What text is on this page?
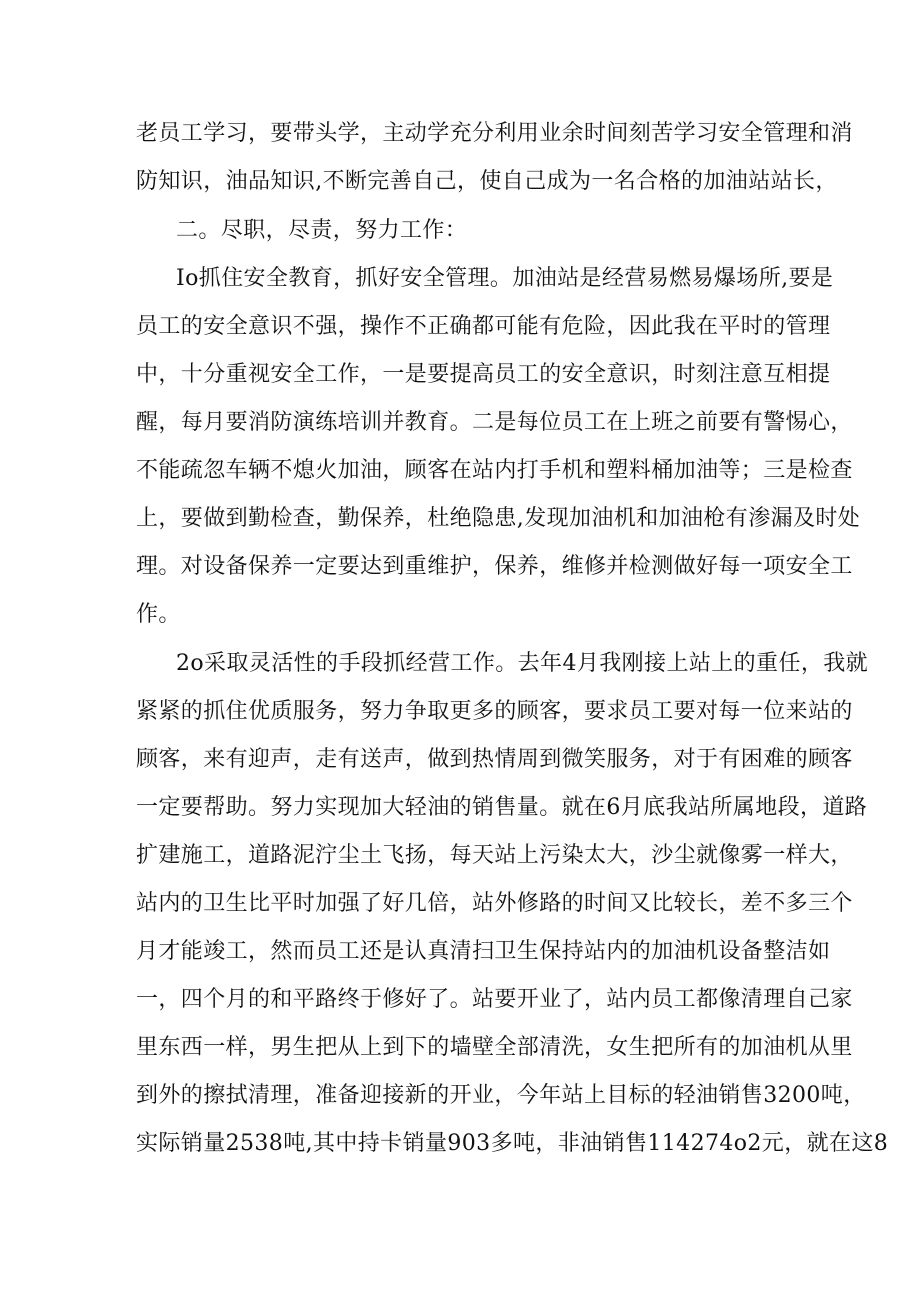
老员工学习，要带头学，主动学充分利用业余时间刻苦学习安全管理和消
防知识，油品知识,不断完善自己，使自己成为一名合格的加油站站长，
二。尽职，尽责，努力工作：
Io抓住安全教育，抓好安全管理。加油站是经营易燃易爆场所,要是
员工的安全意识不强，操作不正确都可能有危险，因此我在平时的管理
中，十分重视安全工作，一是要提高员工的安全意识，时刻注意互相提
醒，每月要消防演练培训并教育。二是每位员工在上班之前要有警惕心，
不能疏忽车辆不熄火加油，顾客在站内打手机和塑料桶加油等；三是检查
上，要做到勤检查，勤保养，杜绝隐患,发现加油机和加油枪有渗漏及时处
理。对设备保养一定要达到重维护，保养，维修并检测做好每一项安全工
作。
2o采取灵活性的手段抓经营工作。去年4月我刚接上站上的重任，我就
紧紧的抓住优质服务，努力争取更多的顾客，要求员工要对每一位来站的
顾客，来有迎声，走有送声，做到热情周到微笑服务，对于有困难的顾客
一定要帮助。努力实现加大轻油的销售量。就在6月底我站所属地段，道路
扩建施工，道路泥泞尘土飞扬，每天站上污染太大，沙尘就像雾一样大，
站内的卫生比平时加强了好几倍，站外修路的时间又比较长，差不多三个
月才能竣工，然而员工还是认真清扫卫生保持站内的加油机设备整洁如
一，四个月的和平路终于修好了。站要开业了，站内员工都像清理自己家
里东西一样，男生把从上到下的墙壁全部清洗，女生把所有的加油机从里
到外的擦拭清理，准备迎接新的开业，今年站上目标的轻油销售3200吨，
实际销量2538吨,其中持卡销量903多吨，非油销售114274o2元，就在这8
